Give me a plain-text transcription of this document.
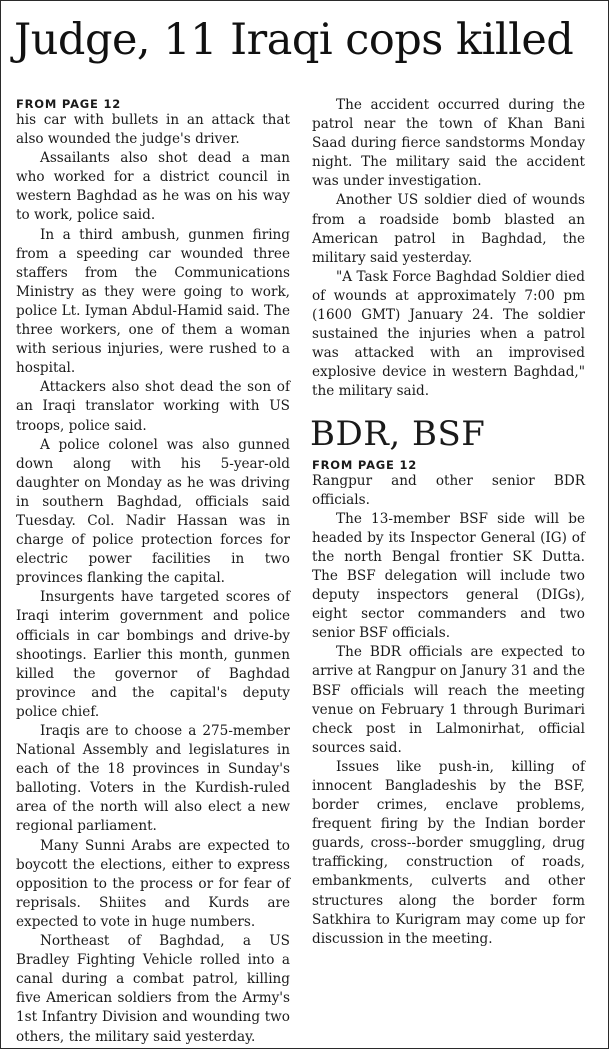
Judge, 11 Iraqi cops killed
FROM PAGE 12

his car with bullets in an attack that also wounded the judge's driver.

Assailants also shot dead a man who worked for a district council in western Baghdad as he was on his way to work, police said.

In a third ambush, gunmen firing from a speeding car wounded three staffers from the Communications Ministry as they were going to work, police Lt. Iyman Abdul-Hamid said. The three workers, one of them a woman with serious injuries, were rushed to a hospital.

Attackers also shot dead the son of an Iraqi translator working with US troops, police said.

A police colonel was also gunned down along with his 5-year-old daughter on Monday as he was driving in southern Baghdad, officials said Tuesday. Col. Nadir Hassan was in charge of police protection forces for electric power facilities in two provinces flanking the capital.

Insurgents have targeted scores of Iraqi interim government and police officials in car bombings and drive-by shootings. Earlier this month, gunmen killed the governor of Baghdad province and the capital's deputy police chief.

Iraqis are to choose a 275-member National Assembly and legislatures in each of the 18 provinces in Sunday's balloting. Voters in the Kurdish-ruled area of the north will also elect a new regional parliament.

Many Sunni Arabs are expected to boycott the elections, either to express opposition to the process or for fear of reprisals. Shiites and Kurds are expected to vote in huge numbers.

Northeast of Baghdad, a US Bradley Fighting Vehicle rolled into a canal during a combat patrol, killing five American soldiers from the Army's 1st Infantry Division and wounding two others, the military said yesterday.

The accident occurred during the patrol near the town of Khan Bani Saad during fierce sandstorms Monday night. The military said the accident was under investigation.

Another US soldier died of wounds from a roadside bomb blasted an American patrol in Baghdad, the military said yesterday.

"A Task Force Baghdad Soldier died of wounds at approximately 7:00 pm (1600 GMT) January 24. The soldier sustained the injuries when a patrol was attacked with an improvised explosive device in western Baghdad," the military said.

BDR, BSF
FROM PAGE 12

Rangpur and other senior BDR officials.

The 13-member BSF side will be headed by its Inspector General (IG) of the north Bengal frontier SK Dutta. The BSF delegation will include two deputy inspectors general (DIGs), eight sector commanders and two senior BSF officials.

The BDR officials are expected to arrive at Rangpur on Janury 31 and the BSF officials will reach the meeting venue on February 1 through Burimari check post in Lalmonirhat, official sources said.

Issues like push-in, killing of innocent Bangladeshis by the BSF, border crimes, enclave problems, frequent firing by the Indian border guards, cross--border smuggling, drug trafficking, construction of roads, embankments, culverts and other structures along the border form Satkhira to Kurigram may come up for discussion in the meeting.
